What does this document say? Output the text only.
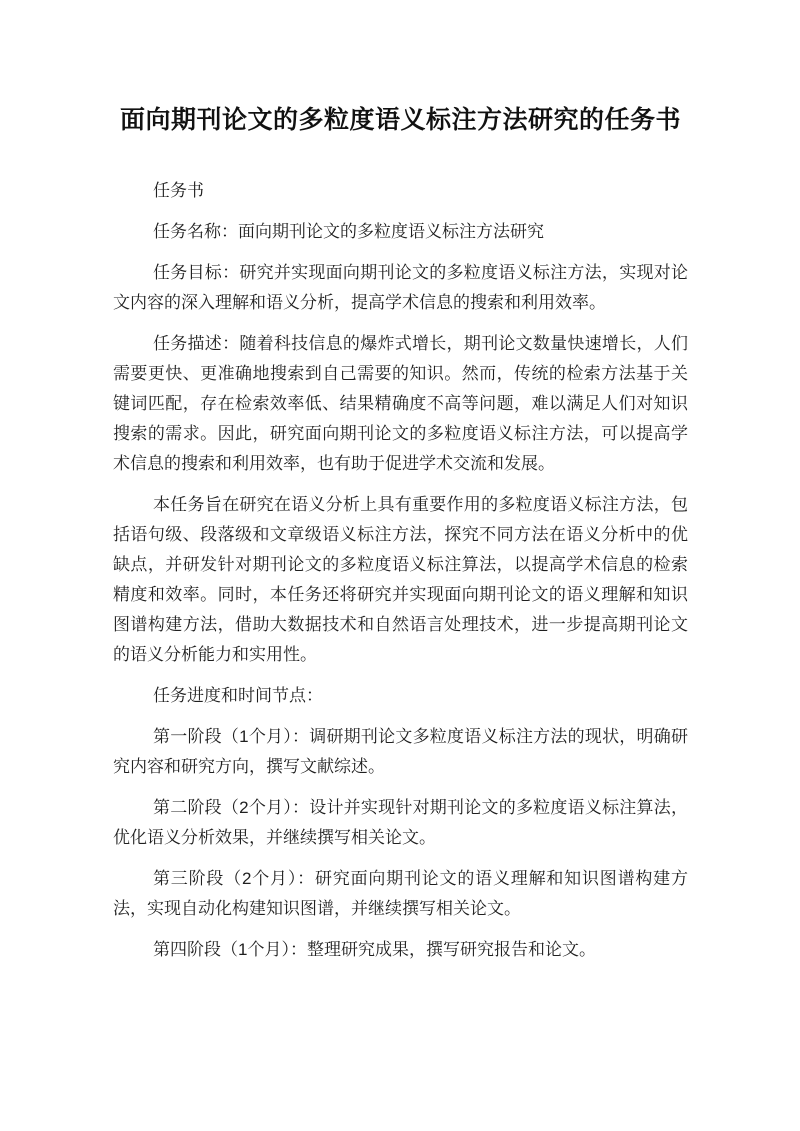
面向期刊论文的多粒度语义标注方法研究的任务书

任务书

任务名称：面向期刊论文的多粒度语义标注方法研究

任务目标：研究并实现面向期刊论文的多粒度语义标注方法，实现对论文内容的深入理解和语义分析，提高学术信息的搜索和利用效率。

任务描述：随着科技信息的爆炸式增长，期刊论文数量快速增长，人们需要更快、更准确地搜索到自己需要的知识。然而，传统的检索方法基于关键词匹配，存在检索效率低、结果精确度不高等问题，难以满足人们对知识搜索的需求。因此，研究面向期刊论文的多粒度语义标注方法，可以提高学术信息的搜索和利用效率，也有助于促进学术交流和发展。

本任务旨在研究在语义分析上具有重要作用的多粒度语义标注方法，包括语句级、段落级和文章级语义标注方法，探究不同方法在语义分析中的优缺点，并研发针对期刊论文的多粒度语义标注算法，以提高学术信息的检索精度和效率。同时，本任务还将研究并实现面向期刊论文的语义理解和知识图谱构建方法，借助大数据技术和自然语言处理技术，进一步提高期刊论文的语义分析能力和实用性。

任务进度和时间节点：

第一阶段（1个月）：调研期刊论文多粒度语义标注方法的现状，明确研究内容和研究方向，撰写文献综述。

第二阶段（2个月）：设计并实现针对期刊论文的多粒度语义标注算法，优化语义分析效果，并继续撰写相关论文。

第三阶段（2个月）：研究面向期刊论文的语义理解和知识图谱构建方法，实现自动化构建知识图谱，并继续撰写相关论文。

第四阶段（1个月）：整理研究成果，撰写研究报告和论文。
